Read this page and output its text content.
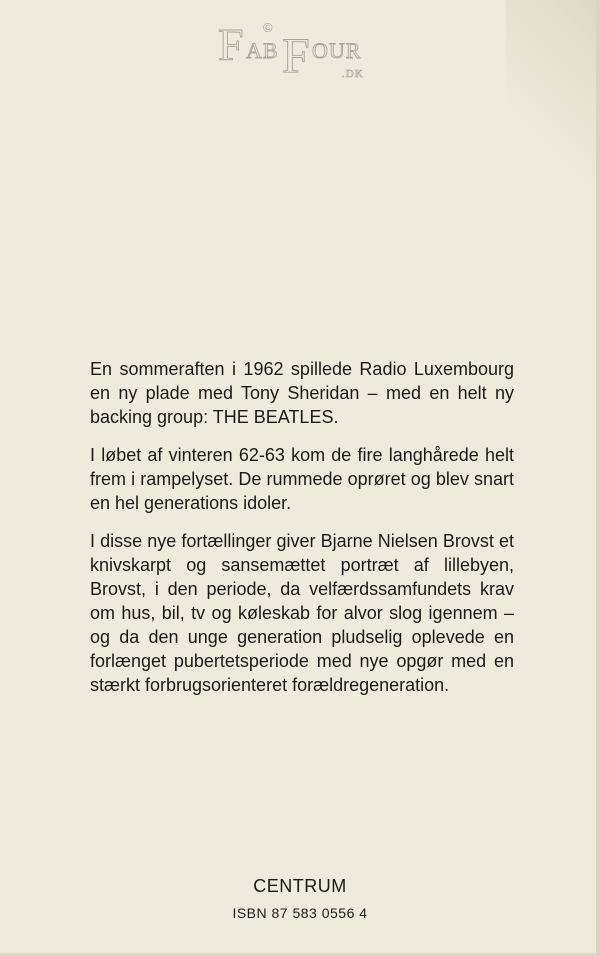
F AB
© F OUR
.DK

En sommeraften i 1962 spillede Radio Luxembourg en ny plade med Tony Sheridan – med en helt ny backing group: THE BEATLES.

I løbet af vinteren 62-63 kom de fire langhårede helt frem i rampelyset. De rummede oprøret og blev snart en hel generations idoler.

I disse nye fortællinger giver Bjarne Nielsen Brovst et knivskarpt og sansemættet portræt af lillebyen, Brovst, i den periode, da velfærdssamfundets krav om hus, bil, tv og køleskab for alvor slog igennem – og da den unge generation pludselig oplevede en forlænget pubertetsperiode med nye opgør med en stærkt forbrugsorienteret forældregeneration.

CENTRUM
ISBN 87 583 0556 4
